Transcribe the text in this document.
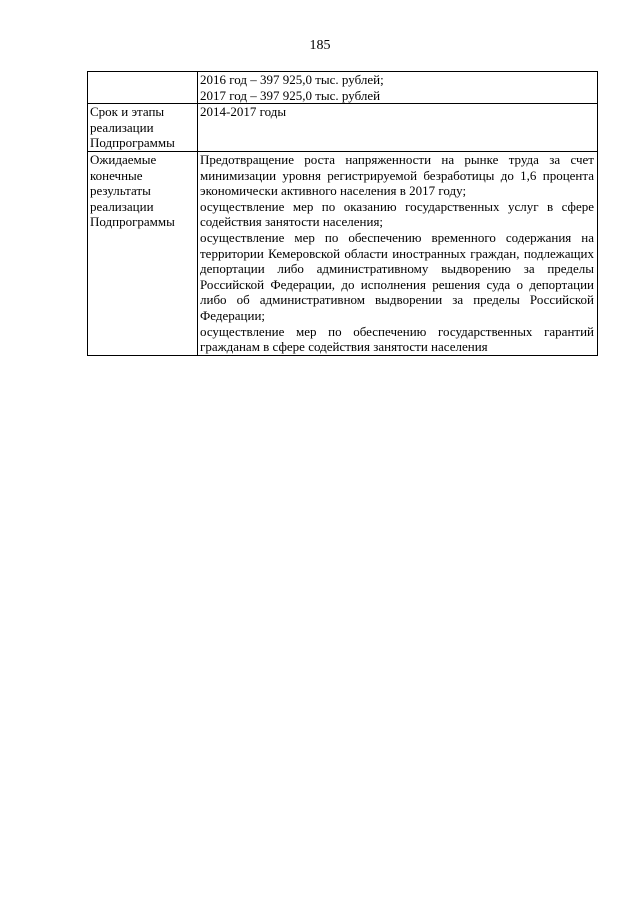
185

	2016 год – 397 925,0 тыс. рублей;
2017 год – 397 925,0 тыс. рублей

Срок и этапы реализации Подпрограммы	2014-2017 годы

Ожидаемые конечные результаты реализации Подпрограммы	Предотвращение роста напряженности на рынке труда за счет минимизации уровня регистрируемой безработицы до 1,6 процента экономически активного населения в 2017 году;
осуществление мер по оказанию государственных услуг в сфере содействия занятости населения;
осуществление мер по обеспечению временного содержания на территории Кемеровской области иностранных граждан, подлежащих депортации либо административному выдворению за пределы Российской Федерации, до исполнения решения суда о депортации либо об административном выдворении за пределы Российской Федерации;
осуществление мер по обеспечению государственных гарантий гражданам в сфере содействия занятости населения
